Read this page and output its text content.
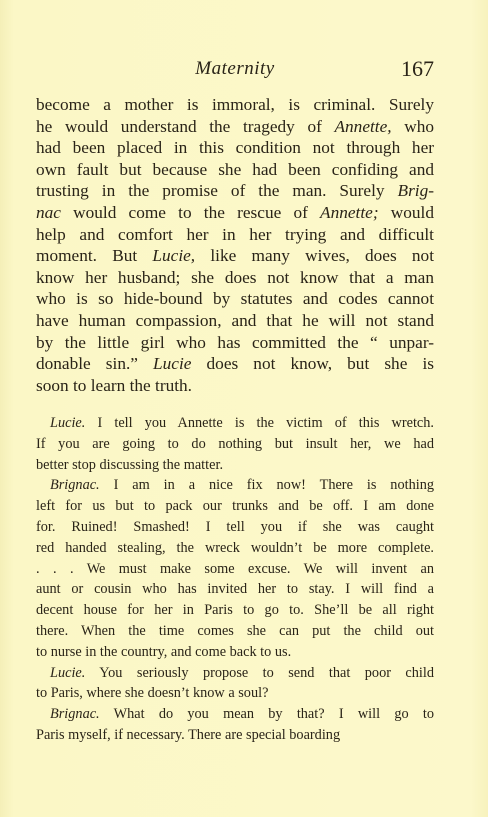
Maternity	167
become a mother is immoral, is criminal. Surely
he would understand the tragedy of Annette, who
had been placed in this condition not through her
own fault but because she had been confiding and
trusting in the promise of the man. Surely Brig-
nac would come to the rescue of Annette; would
help and comfort her in her trying and difficult
moment. But Lucie, like many wives, does not
know her husband; she does not know that a man
who is so hide-bound by statutes and codes cannot
have human compassion, and that he will not stand
by the little girl who has committed the “ unpar-
donable sin.” Lucie does not know, but she is
soon to learn the truth.
Lucie. I tell you Annette is the victim of this wretch.
If you are going to do nothing but insult her, we had
better stop discussing the matter.
Brignac. I am in a nice fix now! There is nothing
left for us but to pack our trunks and be off. I am done
for. Ruined! Smashed! I tell you if she was caught
red handed stealing, the wreck wouldn’t be more complete.
. . . We must make some excuse. We will invent an
aunt or cousin who has invited her to stay. I will find a
decent house for her in Paris to go to. She’ll be all right
there. When the time comes she can put the child out
to nurse in the country, and come back to us.
Lucie. You seriously propose to send that poor child
to Paris, where she doesn’t know a soul?
Brignac. What do you mean by that? I will go to
Paris myself, if necessary. There are special boarding
